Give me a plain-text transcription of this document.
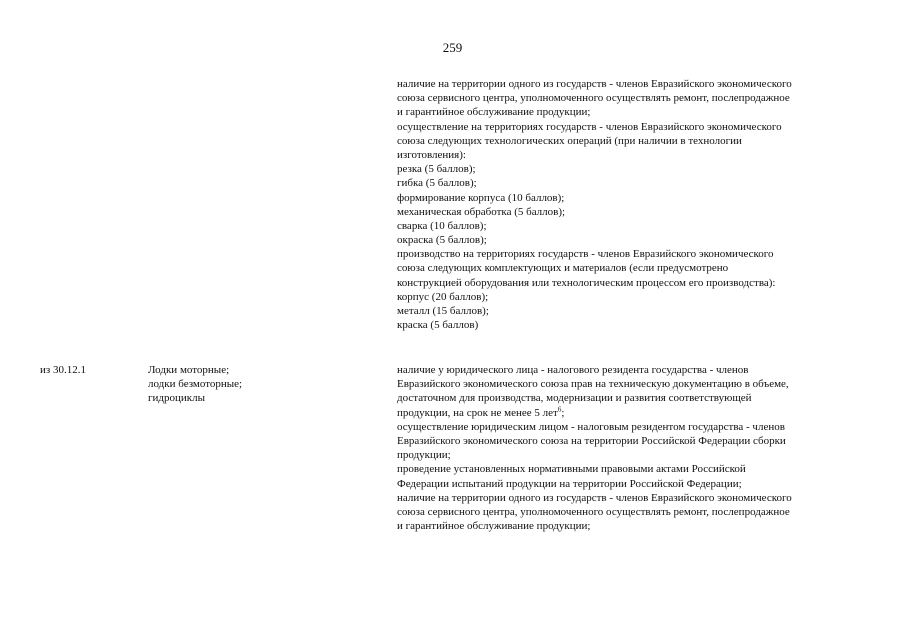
259
наличие на территории одного из государств - членов Евразийского экономического
союза сервисного центра, уполномоченного осуществлять ремонт, послепродажное
и гарантийное обслуживание продукции;
осуществление на территориях государств - членов Евразийского экономического
союза следующих технологических операций (при наличии в технологии
изготовления):
резка (5 баллов);
гибка (5 баллов);
формирование корпуса (10 баллов);
механическая обработка (5 баллов);
сварка (10 баллов);
окраска (5 баллов);
производство на территориях государств - членов Евразийского экономического
союза следующих комплектующих и материалов (если предусмотрено
конструкцией оборудования или технологическим процессом его производства):
корпус (20 баллов);
металл (15 баллов);
краска (5 баллов)
из 30.12.1	Лодки моторные;
лодки безмоторные;
гидроциклы
наличие у юридического лица - налогового резидента государства - членов
Евразийского экономического союза прав на техническую документацию в объеме,
достаточном для производства, модернизации и развития соответствующей
продукции, на срок не менее 5 лет$^6$;
осуществление юридическим лицом - налоговым резидентом государства - членов
Евразийского экономического союза на территории Российской Федерации сборки
продукции;
проведение установленных нормативными правовыми актами Российской
Федерации испытаний продукции на территории Российской Федерации;
наличие на территории одного из государств - членов Евразийского экономического
союза сервисного центра, уполномоченного осуществлять ремонт, послепродажное
и гарантийное обслуживание продукции;
